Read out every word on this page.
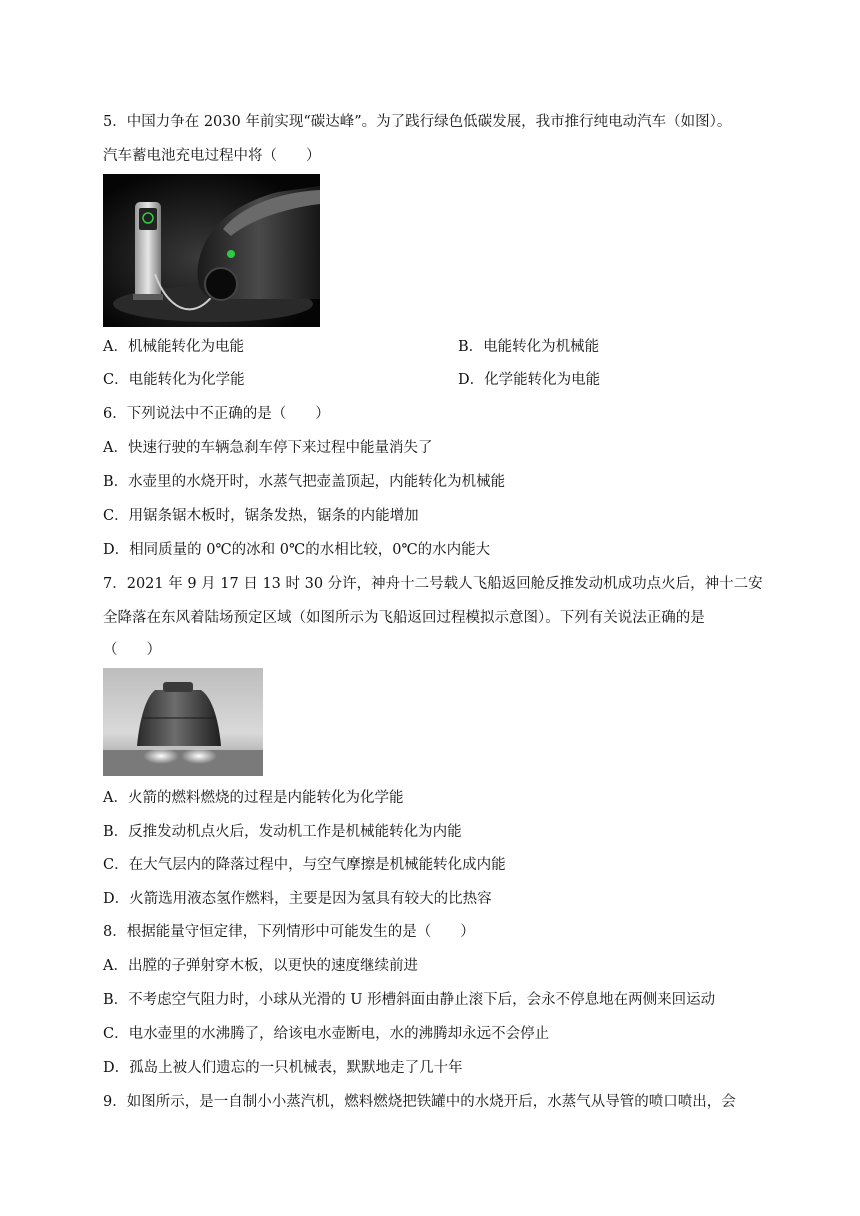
5．中国力争在 2030 年前实现“碳达峰”。为了践行绿色低碳发展，我市推行纯电动汽车（如图）。
汽车蓄电池充电过程中将（　　）
A．机械能转化为电能	B．电能转化为机械能
C．电能转化为化学能	D．化学能转化为电能
6．下列说法中不正确的是（　　）
A．快速行驶的车辆急刹车停下来过程中能量消失了
B．水壶里的水烧开时，水蒸气把壶盖顶起，内能转化为机械能
C．用锯条锯木板时，锯条发热，锯条的内能增加
D．相同质量的 0℃的冰和 0℃的水相比较，0℃的水内能大
7．2021 年 9 月 17 日 13 时 30 分许，神舟十二号载人飞船返回舱反推发动机成功点火后，神十二安
全降落在东风着陆场预定区域（如图所示为飞船返回过程模拟示意图）。下列有关说法正确的是
（　　）
A．火箭的燃料燃烧的过程是内能转化为化学能
B．反推发动机点火后，发动机工作是机械能转化为内能
C．在大气层内的降落过程中，与空气摩擦是机械能转化成内能
D．火箭选用液态氢作燃料，主要是因为氢具有较大的比热容
8．根据能量守恒定律，下列情形中可能发生的是（　　）
A．出膛的子弹射穿木板，以更快的速度继续前进
B．不考虑空气阻力时，小球从光滑的 U 形槽斜面由静止滚下后，会永不停息地在两侧来回运动
C．电水壶里的水沸腾了，给该电水壶断电，水的沸腾却永远不会停止
D．孤岛上被人们遗忘的一只机械表，默默地走了几十年
9．如图所示，是一自制小小蒸汽机，燃料燃烧把铁罐中的水烧开后，水蒸气从导管的喷口喷出，会
